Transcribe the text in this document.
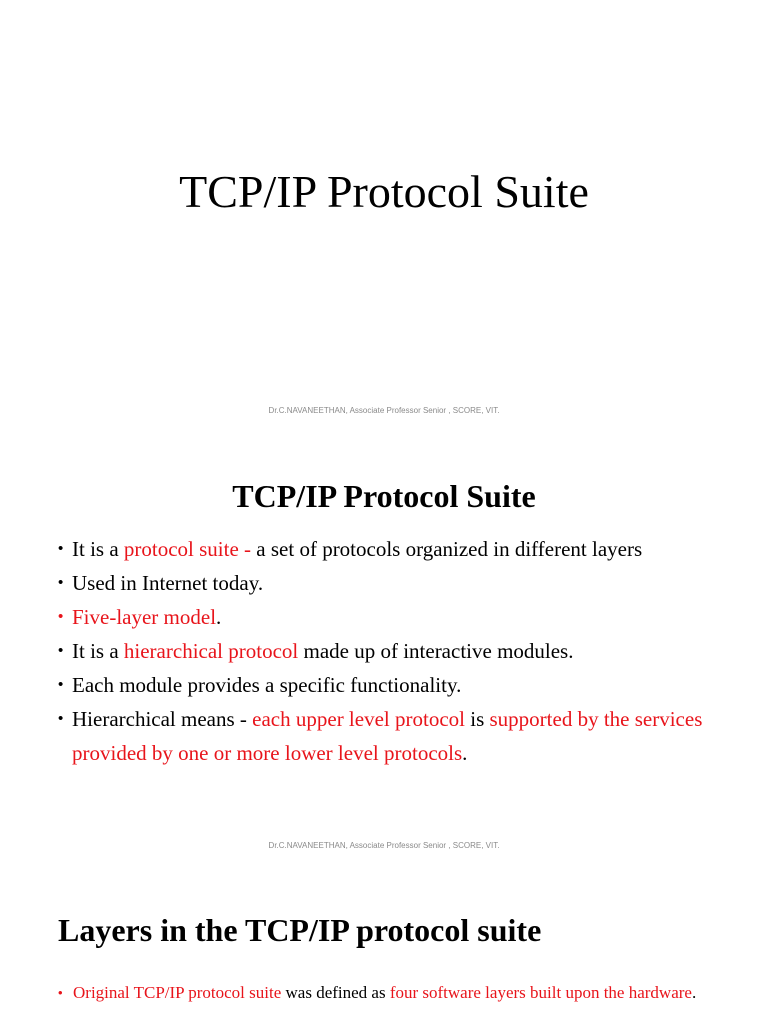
TCP/IP Protocol Suite

Dr.C.NAVANEETHAN, Associate Professor Senior , SCORE, VIT.

TCP/IP Protocol Suite
• It is a protocol suite - a set of protocols organized in different layers
• Used in Internet today.
• Five-layer model.
• It is a hierarchical protocol made up of interactive modules.
• Each module provides a specific functionality.
• Hierarchical means - each upper level protocol is supported by the services provided by one or more lower level protocols.

Dr.C.NAVANEETHAN, Associate Professor Senior , SCORE, VIT.

Layers in the TCP/IP protocol suite
• Original TCP/IP protocol suite was defined as four software layers built upon the hardware.
